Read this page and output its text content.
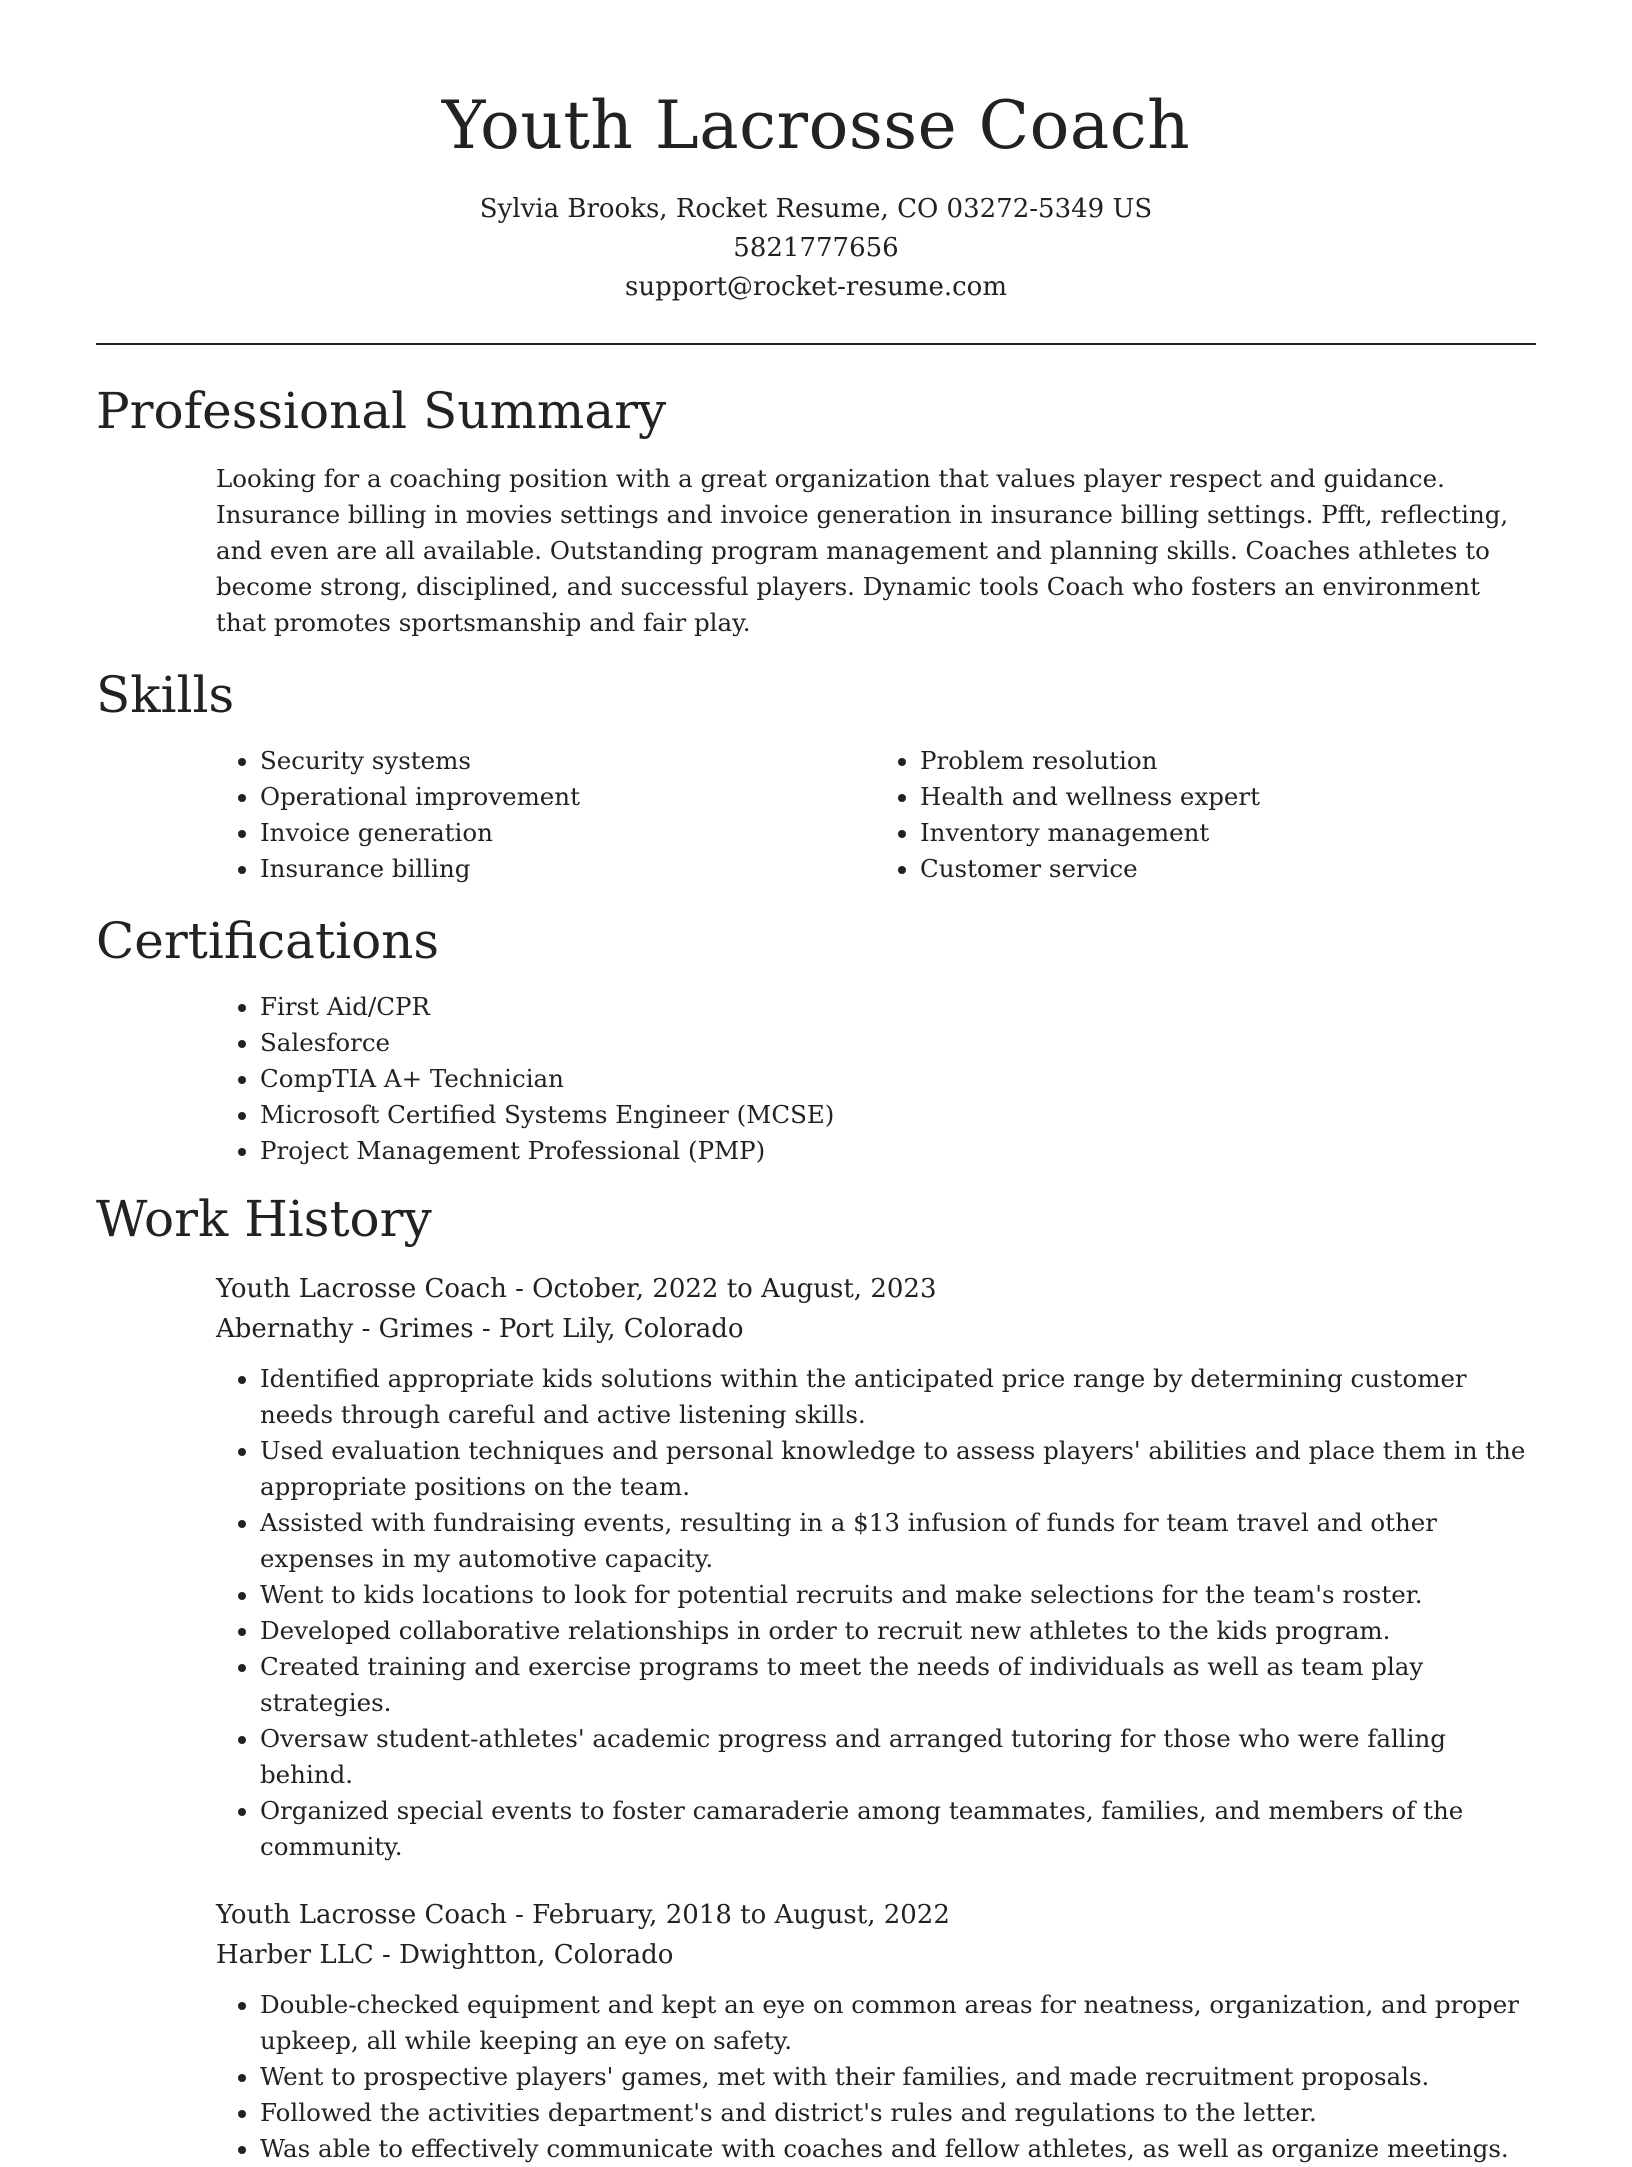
Youth Lacrosse Coach
Sylvia Brooks, Rocket Resume, CO 03272-5349 US
5821777656
support@rocket-resume.com
Professional Summary

Looking for a coaching position with a great organization that values player respect and guidance. Insurance billing in movies settings and invoice generation in insurance billing settings. Pfft, reflecting, and even are all available. Outstanding program management and planning skills. Coaches athletes to become strong, disciplined, and successful players. Dynamic tools Coach who fosters an environment that promotes sportsmanship and fair play.

Skills
• Security systems
• Operational improvement
• Invoice generation
• Insurance billing
• Problem resolution
• Health and wellness expert
• Inventory management
• Customer service
Certifications
• First Aid/CPR
• Salesforce
• CompTIA A+ Technician
• Microsoft Certified Systems Engineer (MCSE)
• Project Management Professional (PMP)
Work History
Youth Lacrosse Coach - October, 2022 to August, 2023
Abernathy - Grimes - Port Lily, Colorado
• Identified appropriate kids solutions within the anticipated price range by determining customer needs through careful and active listening skills.
• Used evaluation techniques and personal knowledge to assess players' abilities and place them in the appropriate positions on the team.
• Assisted with fundraising events, resulting in a $13 infusion of funds for team travel and other expenses in my automotive capacity.
• Went to kids locations to look for potential recruits and make selections for the team's roster.
• Developed collaborative relationships in order to recruit new athletes to the kids program.
• Created training and exercise programs to meet the needs of individuals as well as team play strategies.
• Oversaw student-athletes' academic progress and arranged tutoring for those who were falling behind.
• Organized special events to foster camaraderie among teammates, families, and members of the community.
Youth Lacrosse Coach - February, 2018 to August, 2022
Harber LLC - Dwightton, Colorado
• Double-checked equipment and kept an eye on common areas for neatness, organization, and proper upkeep, all while keeping an eye on safety.
• Went to prospective players' games, met with their families, and made recruitment proposals.
• Followed the activities department's and district's rules and regulations to the letter.
• Was able to effectively communicate with coaches and fellow athletes, as well as organize meetings.
